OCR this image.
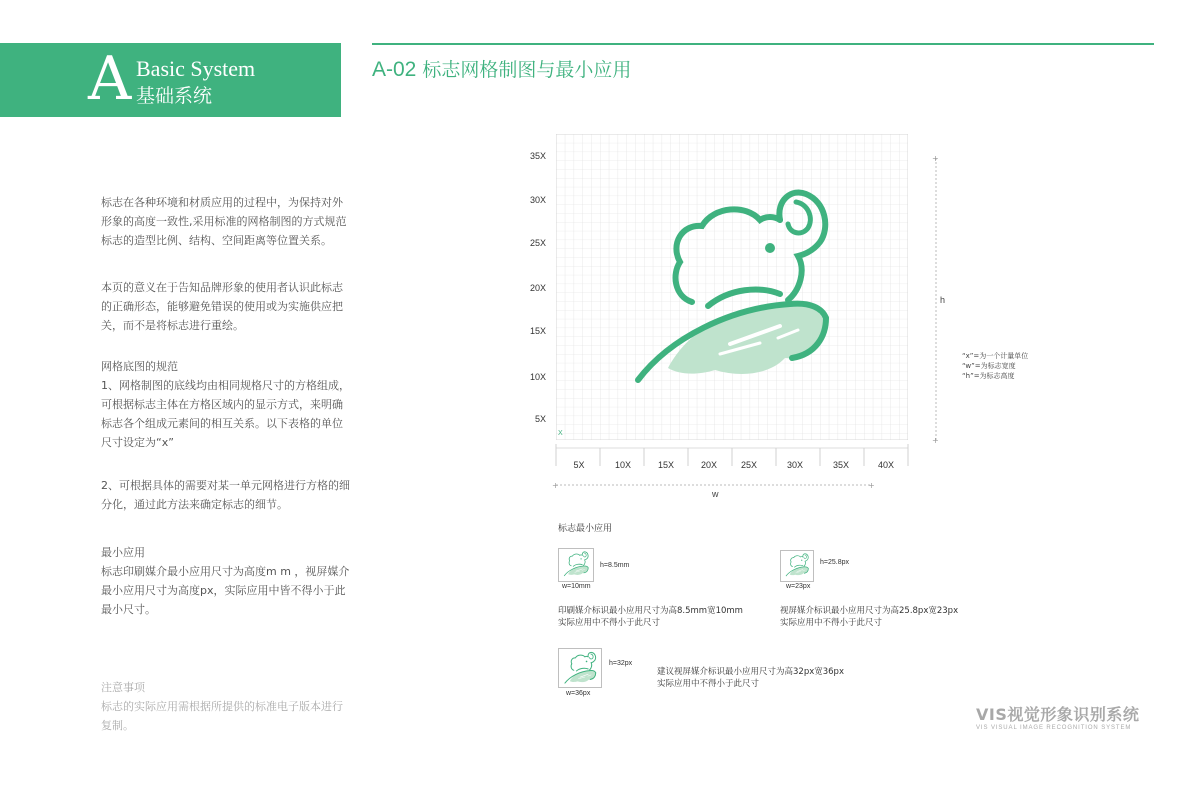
A Basic System
基础系统
A-02 标志网格制图与最小应用

标志在各种环境和材质应用的过程中，为保持对外形象的高度一致性,采用标准的网格制图的方式规范标志的造型比例、结构、空间距离等位置关系。

本页的意义在于告知品牌形象的使用者认识此标志的正确形态，能够避免错误的使用或为实施供应把关，而不是将标志进行重绘。

网格底图的规范

1、网格制图的底线均由相同规格尺寸的方格组成，可根据标志主体在方格区域内的显示方式，来明确标志各个组成元素间的相互关系。以下表格的单位尺寸设定为“x”

2、可根据具体的需要对某一单元网格进行方格的细分化，通过此方法来确定标志的细节。

最小应用

标志印刷媒介最小应用尺寸为高度m m ，视屏媒介最小应用尺寸为高度px，实际应用中皆不得小于此最小尺寸。

注意事项

标志的实际应用需根据所提供的标准电子版本进行复制。

X
35X
30X
25X
20X
15X
10X
5X
+	+
5X	10X	15X	20X	25X	30X	35X	40X
w
+
+
h
“x”=为一个计量单位
“w”=为标志宽度
“h”=为标志高度
标志最小应用
h=8.5mm
w=10mm
印刷媒介标识最小应用尺寸为高8.5mm宽10mm
实际应用中不得小于此尺寸
h=25.8px
w=23px
视屏媒介标识最小应用尺寸为高25.8px宽23px
实际应用中不得小于此尺寸
h=32px
w=36px
建议视屏媒介标识最小应用尺寸为高32px宽36px
实际应用中不得小于此尺寸
VIS视觉形象识别系统
VIS VISUAL IMAGE RECOGNITION SYSTEM
